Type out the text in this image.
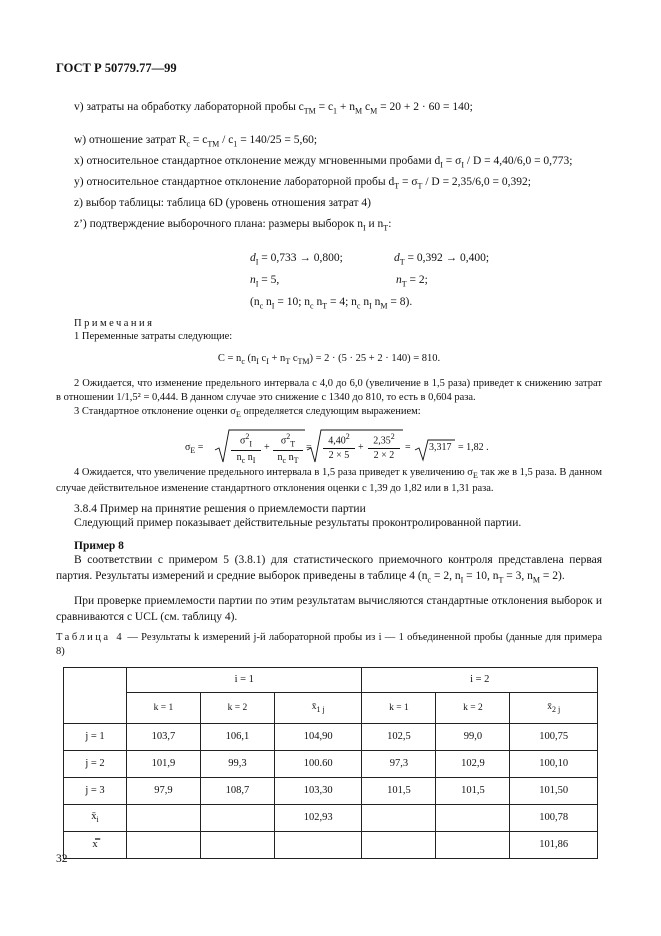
ГОСТ Р 50779.77—99
v) затраты на обработку лабораторной пробы $c_{ТМ} = c_1 + n_М$ $c_М = 20 + 2 \cdot 60 = 140$;
w) отношение затрат $R_c = c_{ТМ} / c_1 = 140/25 = 5,60$;
x) относительное стандартное отклонение между мгновенными пробами $d_I = \sigma_I / D = 4,40/6,0 = 0,773$;
y) относительное стандартное отклонение лабораторной пробы $d_T = \sigma_T / D = 2,35/6,0 = 0,392$;
z) выбор таблицы: таблица 6D (уровень отношения затрат 4)
z’) подтверждение выборочного плана: размеры выборок $n_I$ и $n_T$:
$d_I = 0,733 \to 0,800$;	$d_T = 0,392 \to 0,400$;
$n_I = 5$,	$n_T = 2$;
($n_c$ $n_I = 10$; $n_c$ $n_T = 4$; $n_c$ $n_I$ $n_M = 8$).
Примечания
1 Переменные затраты следующие:
$C = n_c$ ($n_I$ $c_I + n_T$ $c_{TM}) = 2 \cdot (5 \cdot 25 + 2 \cdot 140) = 810$.
2 Ожидается, что изменение предельного интервала с 4,0 до 6,0 (увеличение в 1,5 раза) приведет к снижению затрат в отношении 1/1,5² = 0,444. В данном случае это снижение с 1340 до 810, то есть в 0,604 раза.
3 Стандартное отклонение оценки $\sigma_E$ определяется следующим выражением:
$\sigma_E$ =
$\sigma^2_I$
$n_c$ $n_I$
+
$\sigma^2_T$
$n_c$ $n_T$
=
$4,40^2$
2 × 5
+
$2,35^2$
2 × 2
= 3,317 = 1,82 .
4 Ожидается, что увеличение предельного интервала в 1,5 раза приведет к увеличению $\sigma_E$ так же в 1,5 раза. В данном случае действительное изменение стандартного отклонения оценки с 1,39 до 1,82 или в 1,31 раза.
3.8.4 Пример на принятие решения о приемлемости партии
Следующий пример показывает действительные результаты проконтролированной партии.
Пример 8
В соответствии с примером 5 (3.8.1) для статистического приемочного контроля представлена первая партия. Результаты измерений и средние выборок приведены в таблице 4 ($n_c = 2$, $n_I = 10$, $n_T = 3$, $n_M = 2$).
При проверке приемлемости партии по этим результатам вычисляются стандартные отклонения выборок и сравниваются с UCL (см. таблицу 4).
Таблица 4 — Результаты k измерений j-й лабораторной пробы из i — 1 объединенной пробы (данные для примера 8)
	i = 1			i = 2		
	k = 1	k = 2	$x̄_{1 j}$	k = 1	k = 2	$x̄_{2 j}$
j = 1	103,7	106,1	104,90	102,5	99,0	100,75
j = 2	101,9	99,3	100.60	97,3	102,9	100,10
j = 3	97,9	108,7	103,30	101,5	101,5	101,50
$x̄_i$			102,93			100,78
x̿						101,86
32
